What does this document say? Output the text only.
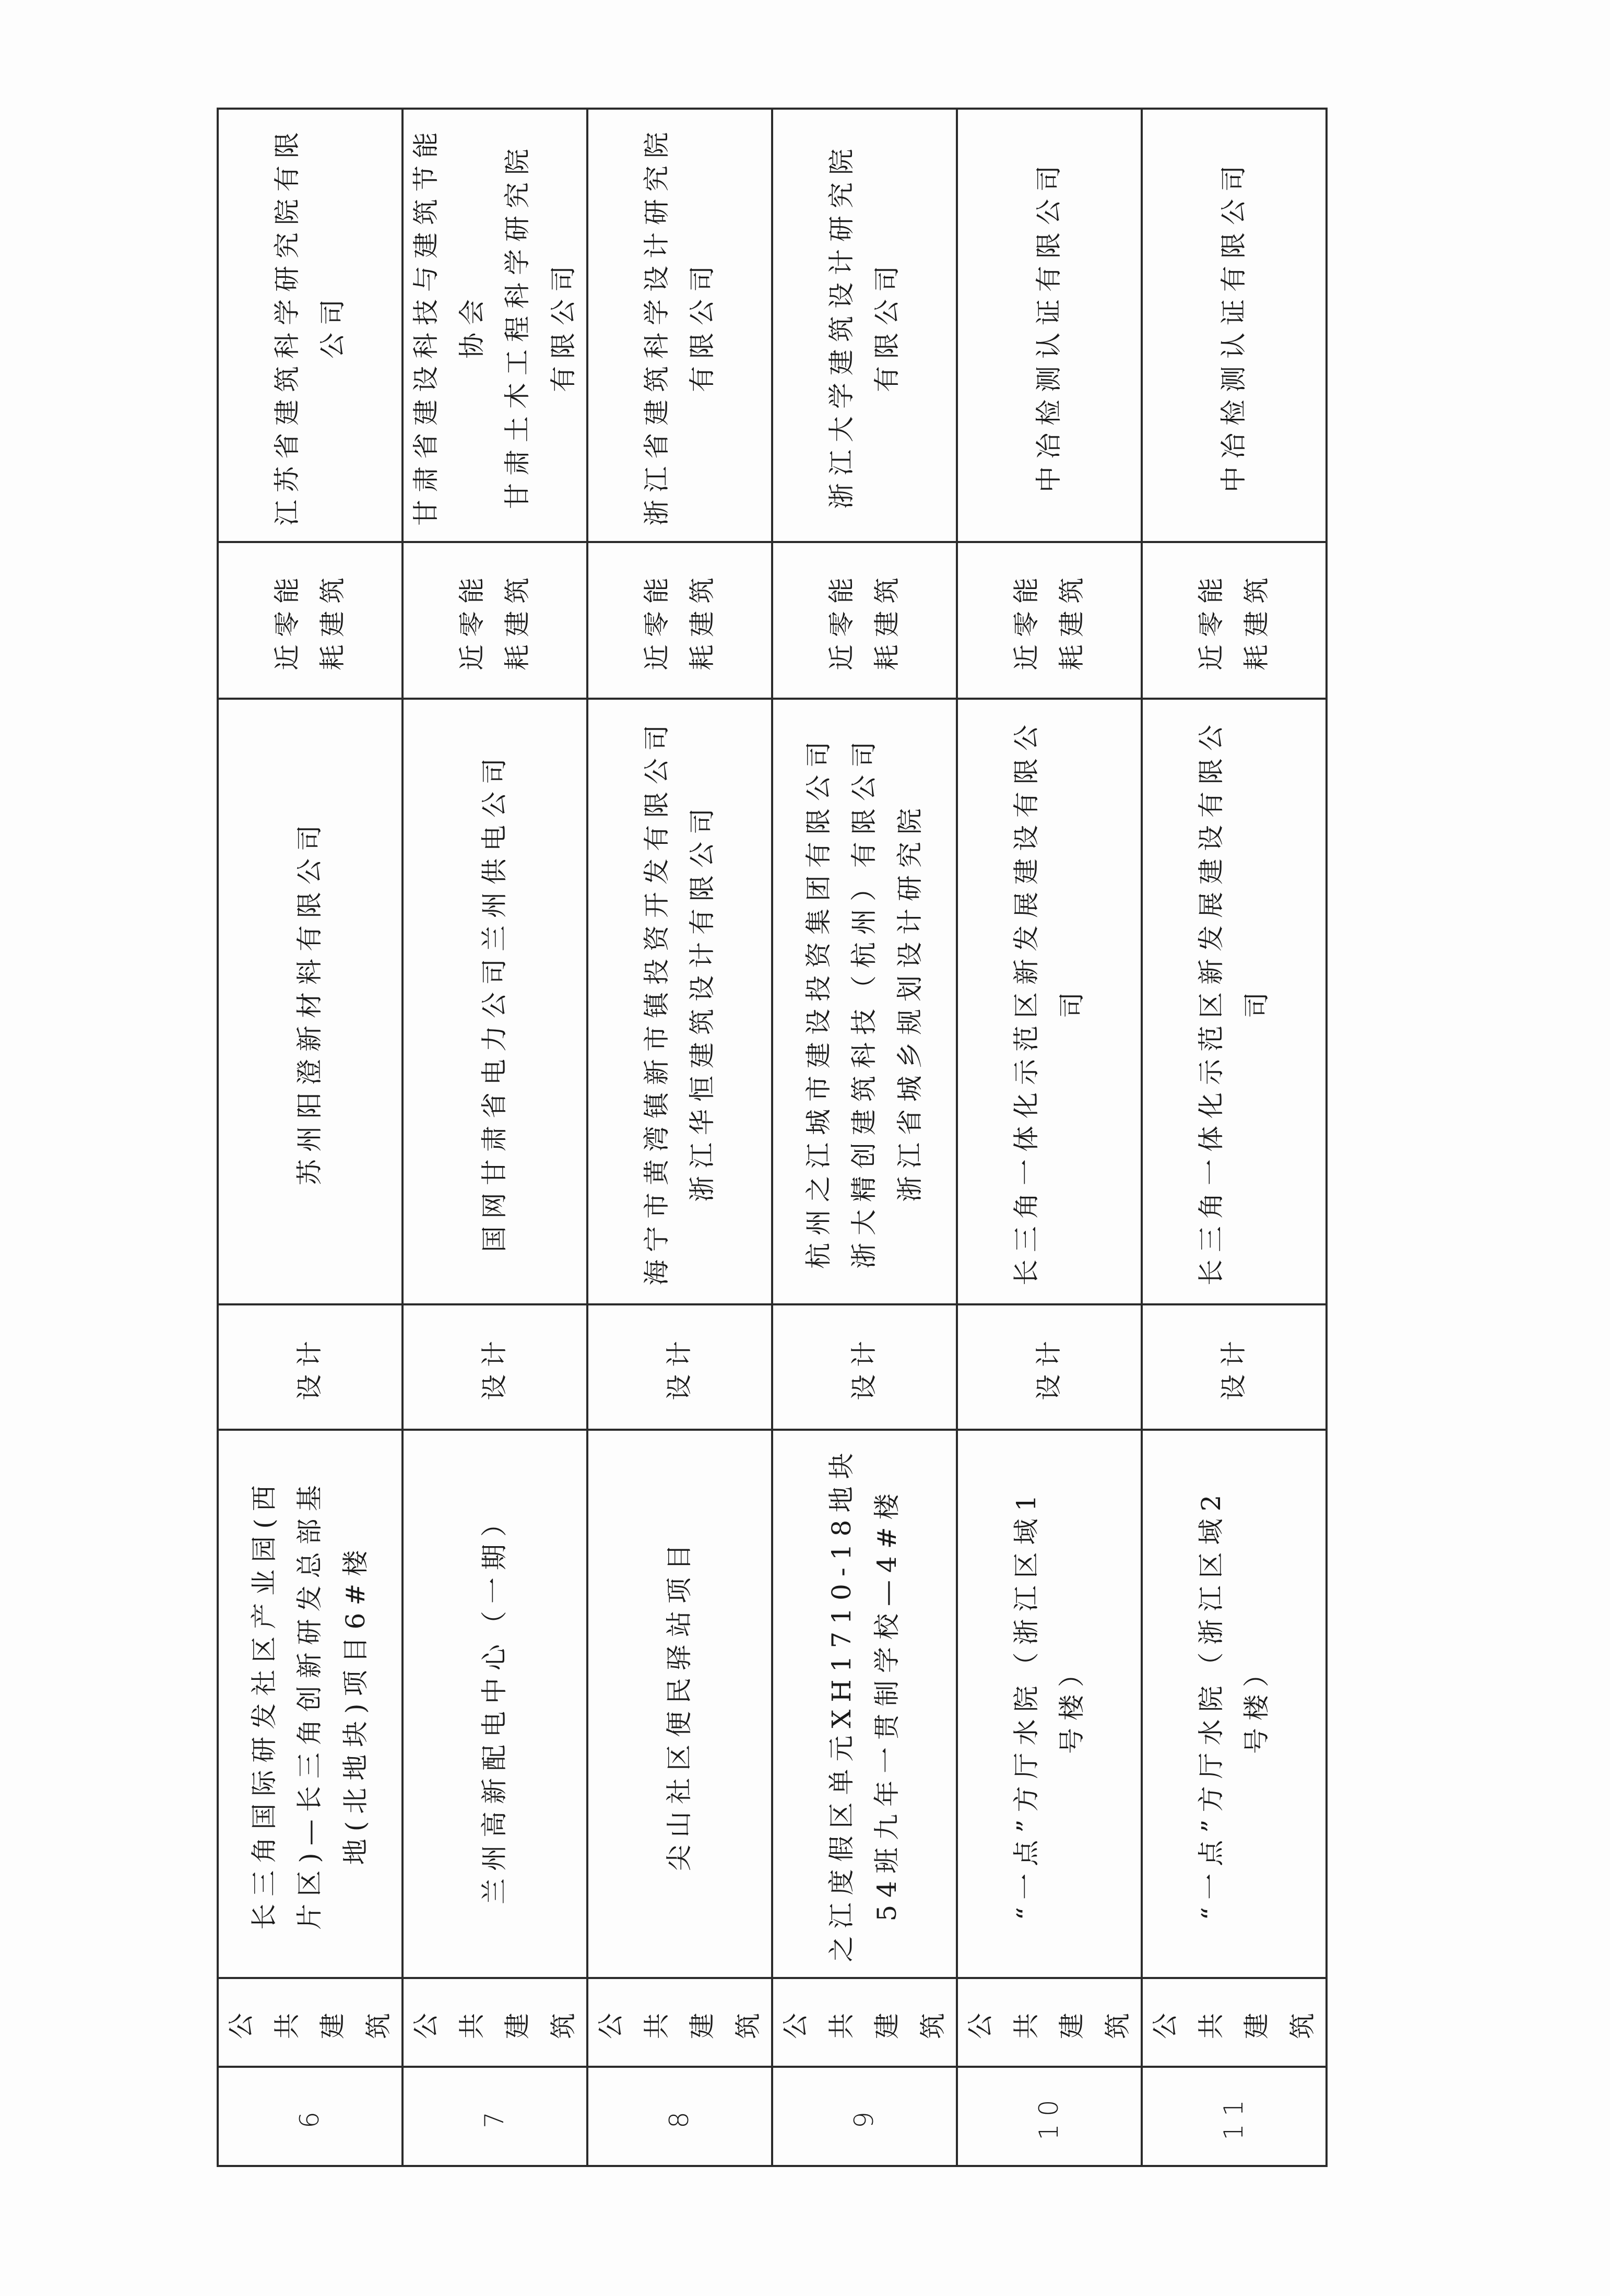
6	公共 建筑	长三角国际研发社区产业园(西 片区)—长三角创新研发总部基 地(北地块)项目6#楼	设计	苏州阳澄新材料有限公司	近零能 耗建筑	江苏省建筑科学研究院有限公司

7	公共 建筑	兰州高新配电中心（一期）	设计	国网甘肃省电力公司兰州供电公司	近零能 耗建筑	甘肃省建设科技与建筑节能协会 甘肃土木工程科学研究院 有限公司

8	公共 建筑	尖山社区便民驿站项目	设计	海宁市黄湾镇新市镇投资开发有限公司 浙江华恒建筑设计有限公司	近零能 耗建筑	浙江省建筑科学设计研究院 有限公司

9	公共 建筑	之江度假区单元XH1710-18地块 54班九年一贯制学校—4#楼	设计	杭州之江城市建设投资集团有限公司 浙大精创建筑科技（杭州）有限公司 浙江省城乡规划设计研究院	近零能 耗建筑	浙江大学建筑设计研究院 有限公司

10	公共 建筑	“一点”方厅水院（浙江区域1 号楼）	设计	长三角一体化示范区新发展建设有限公司	近零能 耗建筑	中冶检测认证有限公司

11	公共 建筑	“一点”方厅水院（浙江区域2 号楼）	设计	长三角一体化示范区新发展建设有限公司	近零能 耗建筑	中冶检测认证有限公司
